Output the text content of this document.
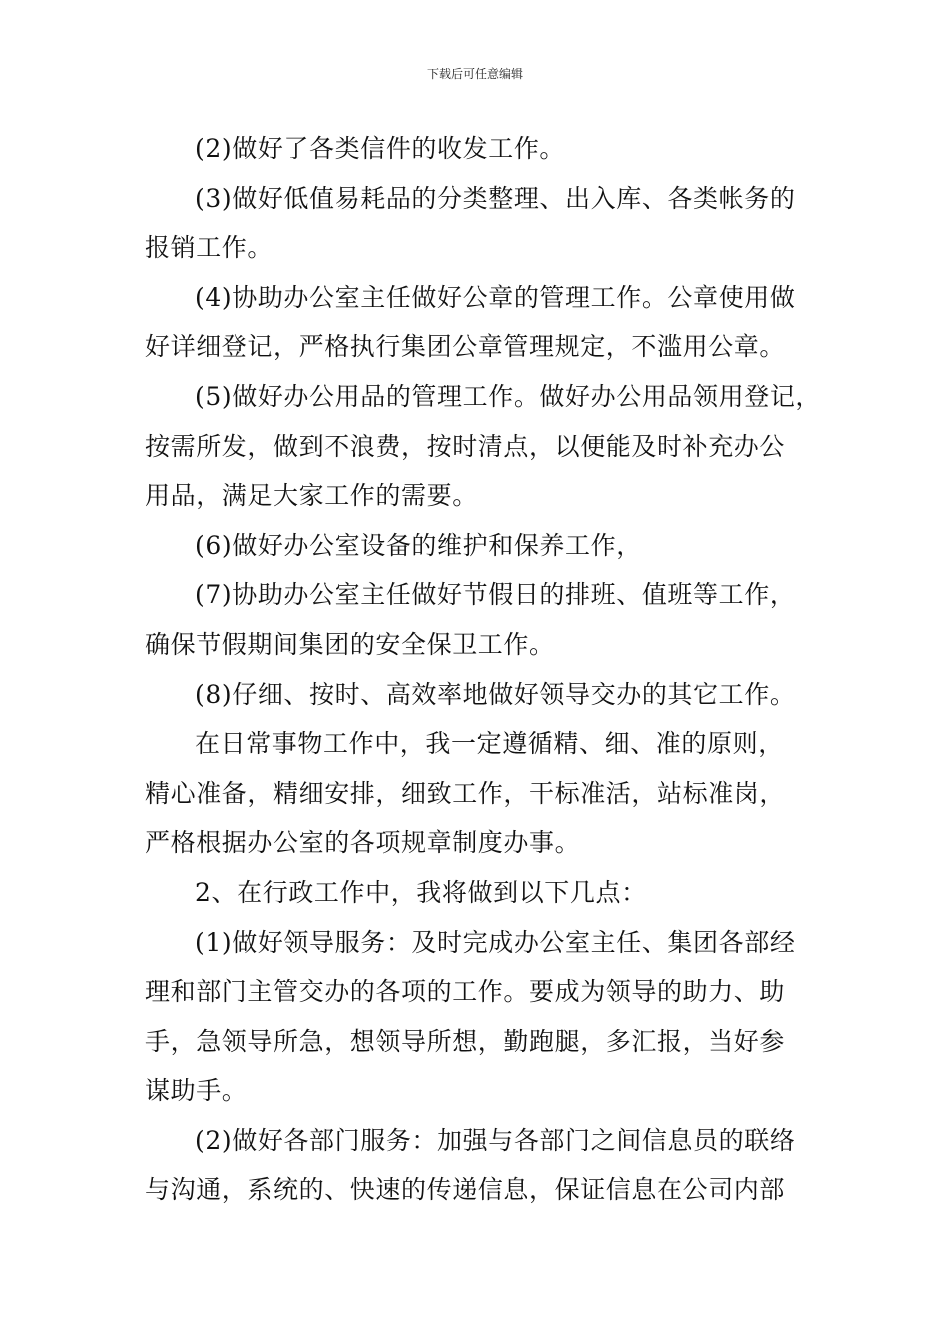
下载后可任意编辑
(2)做好了各类信件的收发工作。
(3)做好低值易耗品的分类整理、出入库、各类帐务的
报销工作。
(4)协助办公室主任做好公章的管理工作。公章使用做
好详细登记，严格执行集团公章管理规定，不滥用公章。
(5)做好办公用品的管理工作。做好办公用品领用登记，
按需所发，做到不浪费，按时清点，以便能及时补充办公
用品，满足大家工作的需要。
(6)做好办公室设备的维护和保养工作，
(7)协助办公室主任做好节假日的排班、值班等工作，
确保节假期间集团的安全保卫工作。
(8)仔细、按时、高效率地做好领导交办的其它工作。
在日常事物工作中，我一定遵循精、细、准的原则，
精心准备，精细安排，细致工作，干标准活，站标准岗，
严格根据办公室的各项规章制度办事。
2、在行政工作中，我将做到以下几点：
(1)做好领导服务：及时完成办公室主任、集团各部经
理和部门主管交办的各项的工作。要成为领导的助力、助
手，急领导所急，想领导所想，勤跑腿，多汇报，当好参
谋助手。
(2)做好各部门服务：加强与各部门之间信息员的联络
与沟通，系统的、快速的传递信息，保证信息在公司内部
